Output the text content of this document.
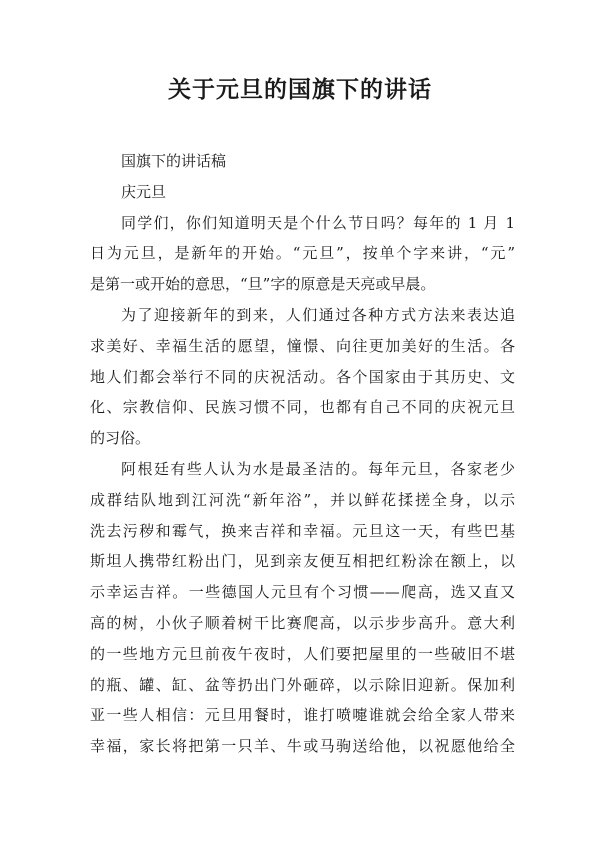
关于元旦的国旗下的讲话
国旗下的讲话稿
庆元旦
同学们，你们知道明天是个什么节日吗？每年的 1 月 1
日为元旦，是新年的开始。“元旦”，按单个字来讲，“元”
是第一或开始的意思，“旦”字的原意是天亮或早晨。
为了迎接新年的到来，人们通过各种方式方法来表达追
求美好、幸福生活的愿望，憧憬、向往更加美好的生活。各
地人们都会举行不同的庆祝活动。各个国家由于其历史、文
化、宗教信仰、民族习惯不同，也都有自己不同的庆祝元旦
的习俗。
阿根廷有些人认为水是最圣洁的。每年元旦，各家老少
成群结队地到江河洗“新年浴”，并以鲜花揉搓全身，以示
洗去污秽和霉气，换来吉祥和幸福。元旦这一天，有些巴基
斯坦人携带红粉出门，见到亲友便互相把红粉涂在额上，以
示幸运吉祥。一些德国人元旦有个习惯——爬高，选又直又
高的树，小伙子顺着树干比赛爬高，以示步步高升。意大利
的一些地方元旦前夜午夜时，人们要把屋里的一些破旧不堪
的瓶、罐、缸、盆等扔出门外砸碎，以示除旧迎新。保加利
亚一些人相信：元旦用餐时，谁打喷嚏谁就会给全家人带来
幸福，家长将把第一只羊、牛或马驹送给他，以祝愿他给全
